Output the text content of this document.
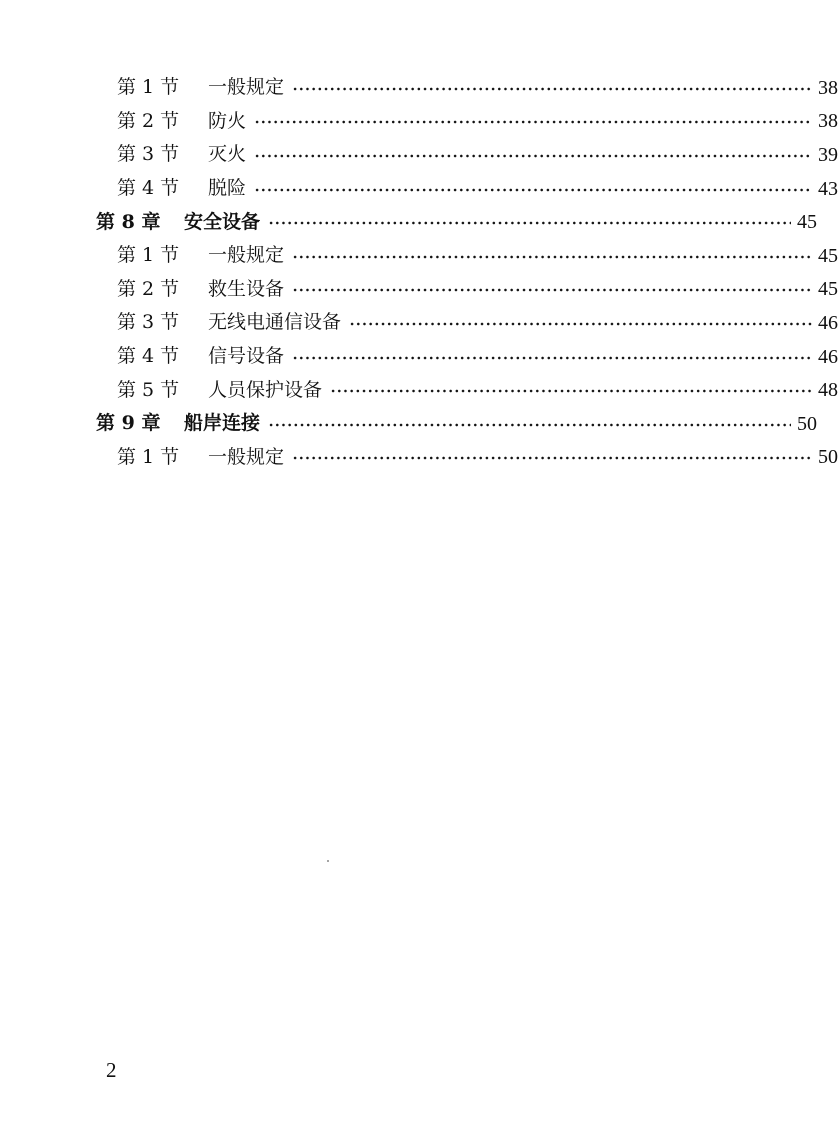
第 1 节	一般规定	38
第 2 节	防火	38
第 3 节	灭火	39
第 4 节	脱险	43
第 8 章	安全设备	45
第 1 节	一般规定	45
第 2 节	救生设备	45
第 3 节	无线电通信设备	46
第 4 节	信号设备	46
第 5 节	人员保护设备	48
第 9 章	船岸连接	50
第 1 节	一般规定	50
2
